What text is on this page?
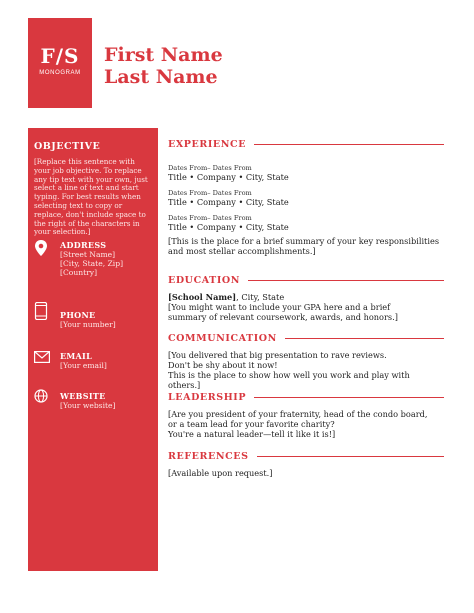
F/S
MONOGRAM
First Name
Last Name
OBJECTIVE
[Replace this sentence with your job objective. To replace any tip text with your own, just select a line of text and start typing. For best results when selecting text to copy or replace, don't include space to the right of the characters in your selection.]
ADDRESS
[Street Name]
[City, State, Zip]
[Country]
PHONE
[Your number]
EMAIL
[Your email]
WEBSITE
[Your website]
EXPERIENCE
Dates From– Dates From
Title • Company • City, State
Dates From– Dates From
Title • Company • City, State
Dates From– Dates From
Title • Company • City, State
[This is the place for a brief summary of your key responsibilities and most stellar accomplishments.]
EDUCATION
[School Name], City, State
[You might want to include your GPA here and a brief
summary of relevant coursework, awards, and honors.]
COMMUNICATION
[You delivered that big presentation to rave reviews.
Don't be shy about it now!
This is the place to show how well you work and play with others.]
LEADERSHIP
[Are you president of your fraternity, head of the condo board,
or a team lead for your favorite charity?
You're a natural leader—tell it like it is!]
REFERENCES
[Available upon request.]
